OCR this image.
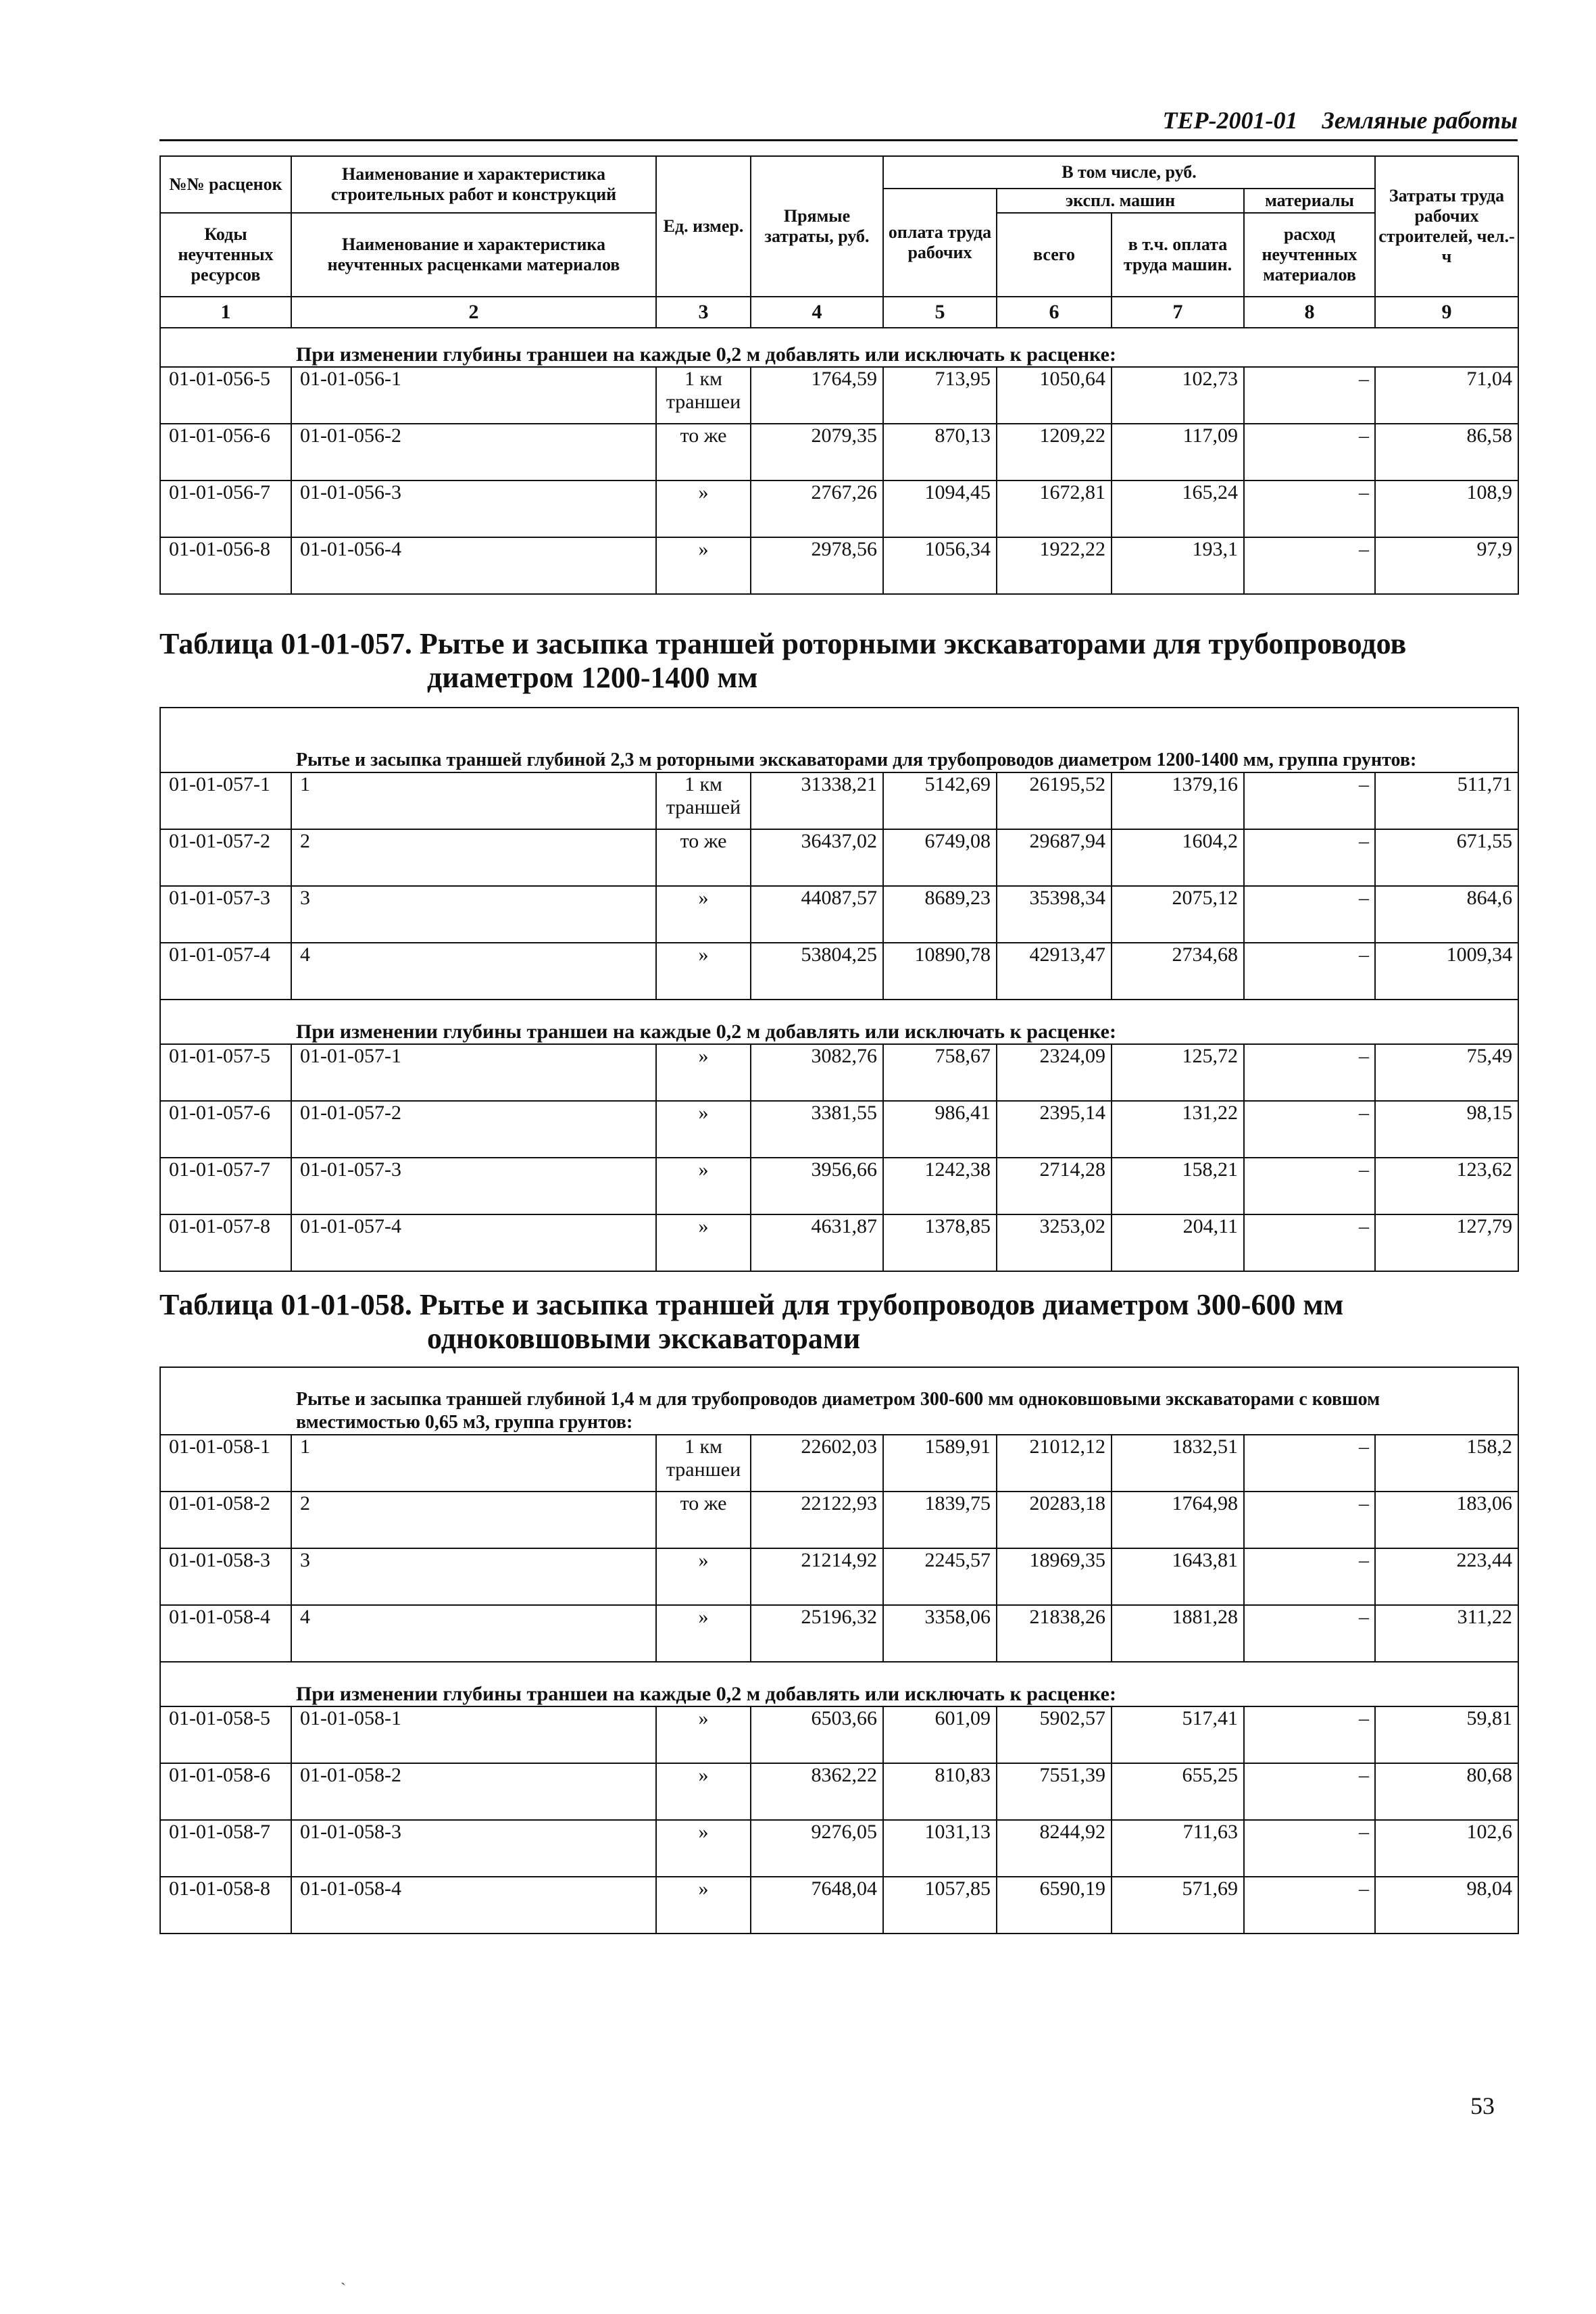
ТЕР-2001-01 Земляные работы
№№ расценок	Наименование и характеристика строительных работ и конструкций	Ед. измер.	Прямые затраты, руб.	В том числе, руб.				Затраты труда рабочих строителей, чел.-ч
				оплата труда рабочих	экспл. машин		материалы	
Коды неучтенных ресурсов	Наименование и характеристика неучтенных расценками материалов				всего	в т.ч. оплата труда машин.	расход неучтенных материалов	

1	2	3	4	5	6	7	8	9
При изменении глубины траншеи на каждые 0,2 м добавлять или исключать к расценке:								
01-01-056-5	01-01-056-1	1 км траншеи	1764,59	713,95	1050,64	102,73	–	71,04
01-01-056-6	01-01-056-2	то же	2079,35	870,13	1209,22	117,09	–	86,58
01-01-056-7	01-01-056-3	»	2767,26	1094,45	1672,81	165,24	–	108,9
01-01-056-8	01-01-056-4	»	2978,56	1056,34	1922,22	193,1	–	97,9
Таблица 01-01-057. Рытье и засыпка траншей роторными экскаваторами для трубопроводов
диаметром 1200-1400 мм
Рытье и засыпка траншей глубиной 2,3 м роторными экскаваторами для трубопроводов диаметром 1200-1400 мм, группа грунтов:								
01-01-057-1	1	1 км траншей	31338,21	5142,69	26195,52	1379,16	–	511,71
01-01-057-2	2	то же	36437,02	6749,08	29687,94	1604,2	–	671,55
01-01-057-3	3	»	44087,57	8689,23	35398,34	2075,12	–	864,6
01-01-057-4	4	»	53804,25	10890,78	42913,47	2734,68	–	1009,34
При изменении глубины траншеи на каждые 0,2 м добавлять или исключать к расценке:								
01-01-057-5	01-01-057-1	»	3082,76	758,67	2324,09	125,72	–	75,49
01-01-057-6	01-01-057-2	»	3381,55	986,41	2395,14	131,22	–	98,15
01-01-057-7	01-01-057-3	»	3956,66	1242,38	2714,28	158,21	–	123,62
01-01-057-8	01-01-057-4	»	4631,87	1378,85	3253,02	204,11	–	127,79
Таблица 01-01-058. Рытье и засыпка траншей для трубопроводов диаметром 300-600 мм
одноковшовыми экскаваторами
Рытье и засыпка траншей глубиной 1,4 м для трубопроводов диаметром 300-600 мм одноковшовыми экскаваторами с ковшом вместимостью 0,65 м3, группа грунтов:								
01-01-058-1	1	1 км траншеи	22602,03	1589,91	21012,12	1832,51	–	158,2
01-01-058-2	2	то же	22122,93	1839,75	20283,18	1764,98	–	183,06
01-01-058-3	3	»	21214,92	2245,57	18969,35	1643,81	–	223,44
01-01-058-4	4	»	25196,32	3358,06	21838,26	1881,28	–	311,22
При изменении глубины траншеи на каждые 0,2 м добавлять или исключать к расценке:								
01-01-058-5	01-01-058-1	»	6503,66	601,09	5902,57	517,41	–	59,81
01-01-058-6	01-01-058-2	»	8362,22	810,83	7551,39	655,25	–	80,68
01-01-058-7	01-01-058-3	»	9276,05	1031,13	8244,92	711,63	–	102,6
01-01-058-8	01-01-058-4	»	7648,04	1057,85	6590,19	571,69	–	98,04
53
`
